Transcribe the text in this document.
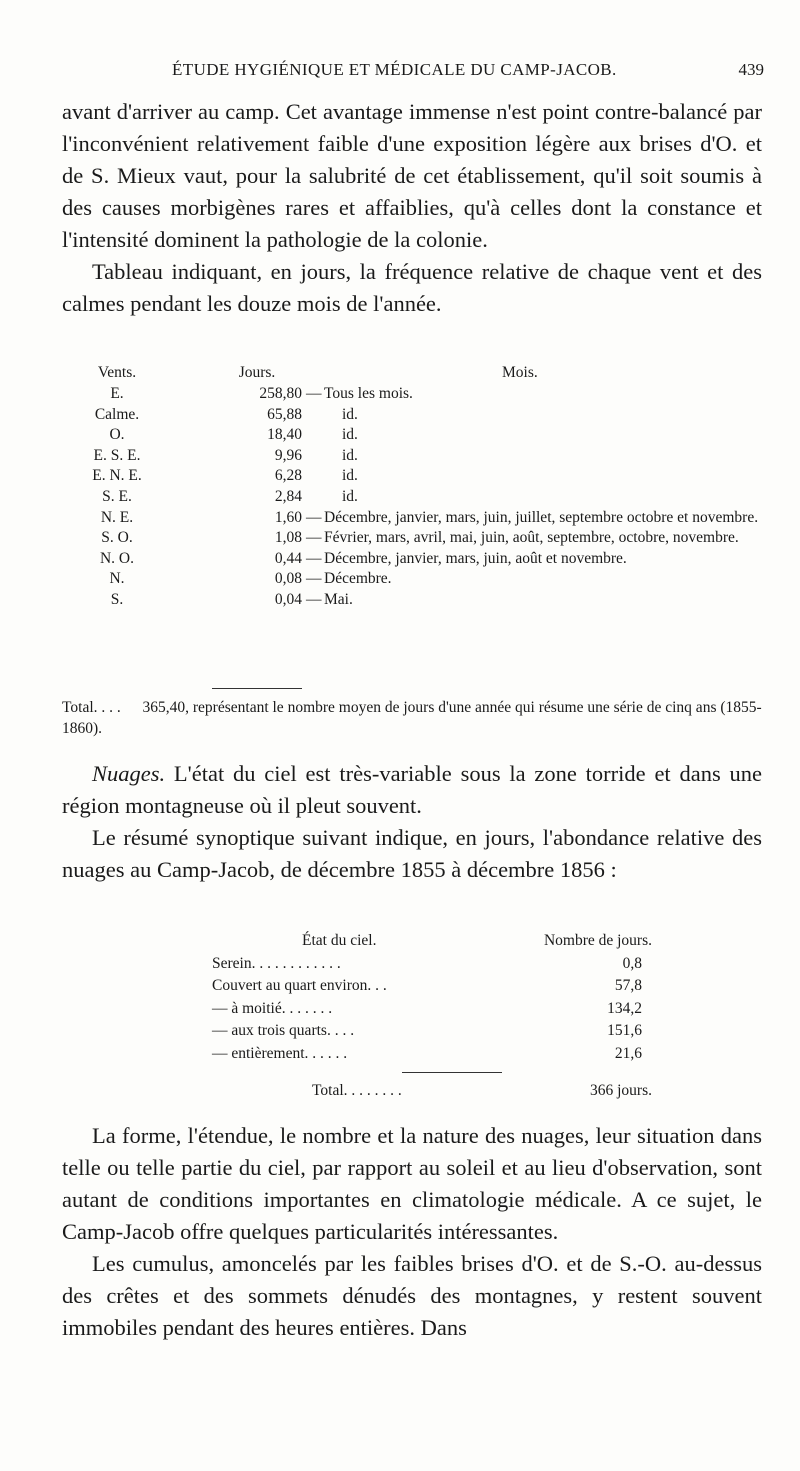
ÉTUDE HYGIÉNIQUE ET MÉDICALE DU CAMP-JACOB.	439

avant d'arriver au camp. Cet avantage immense n'est point contre-balancé par l'inconvénient relativement faible d'une exposition légère aux brises d'O. et de S. Mieux vaut, pour la salubrité de cet établissement, qu'il soit soumis à des causes morbigènes rares et affaiblies, qu'à celles dont la constance et l'intensité dominent la pathologie de la colonie.

Tableau indiquant, en jours, la fréquence relative de chaque vent et des calmes pendant les douze mois de l'année.

Vents.	Jours.	Mois.
E.	258,80 — Tous les mois.
Calme.	65,88	id.
O.	18,40	id.
E. S. E.	9,96	id.
E. N. E.	6,28	id.
S. E.	2,84	id.
N. E.	1,60 — Décembre, janvier, mars, juin, juillet, septembre octobre et novembre.
S. O.	1,08 — Février, mars, avril, mai, juin, août, septembre, octobre, novembre.
N. O.	0,44 — Décembre, janvier, mars, juin, août et novembre.
N.	0,08 — Décembre.
S.	0,04 — Mai.
Total. . . . 365,40, représentant le nombre moyen de jours d'une année qui résume une série de cinq ans (1855-1860).

Nuages. L'état du ciel est très-variable sous la zone torride et dans une région montagneuse où il pleut souvent.

Le résumé synoptique suivant indique, en jours, l'abondance relative des nuages au Camp-Jacob, de décembre 1855 à décembre 1856 :

État du ciel.	Nombre de jours.
Serein. . . . . . . . . . . .	0,8
Couvert au quart environ. . .	57,8
— à moitié. . . . . . .	134,2
— aux trois quarts. . . .	151,6
— entièrement. . . . . .	21,6
Total. . . . . . . .	366 jours.

La forme, l'étendue, le nombre et la nature des nuages, leur situation dans telle ou telle partie du ciel, par rapport au soleil et au lieu d'observation, sont autant de conditions importantes en climatologie médicale. A ce sujet, le Camp-Jacob offre quelques particularités intéressantes.

Les cumulus, amoncelés par les faibles brises d'O. et de S.-O. au-dessus des crêtes et des sommets dénudés des montagnes, y restent souvent immobiles pendant des heures entières. Dans
